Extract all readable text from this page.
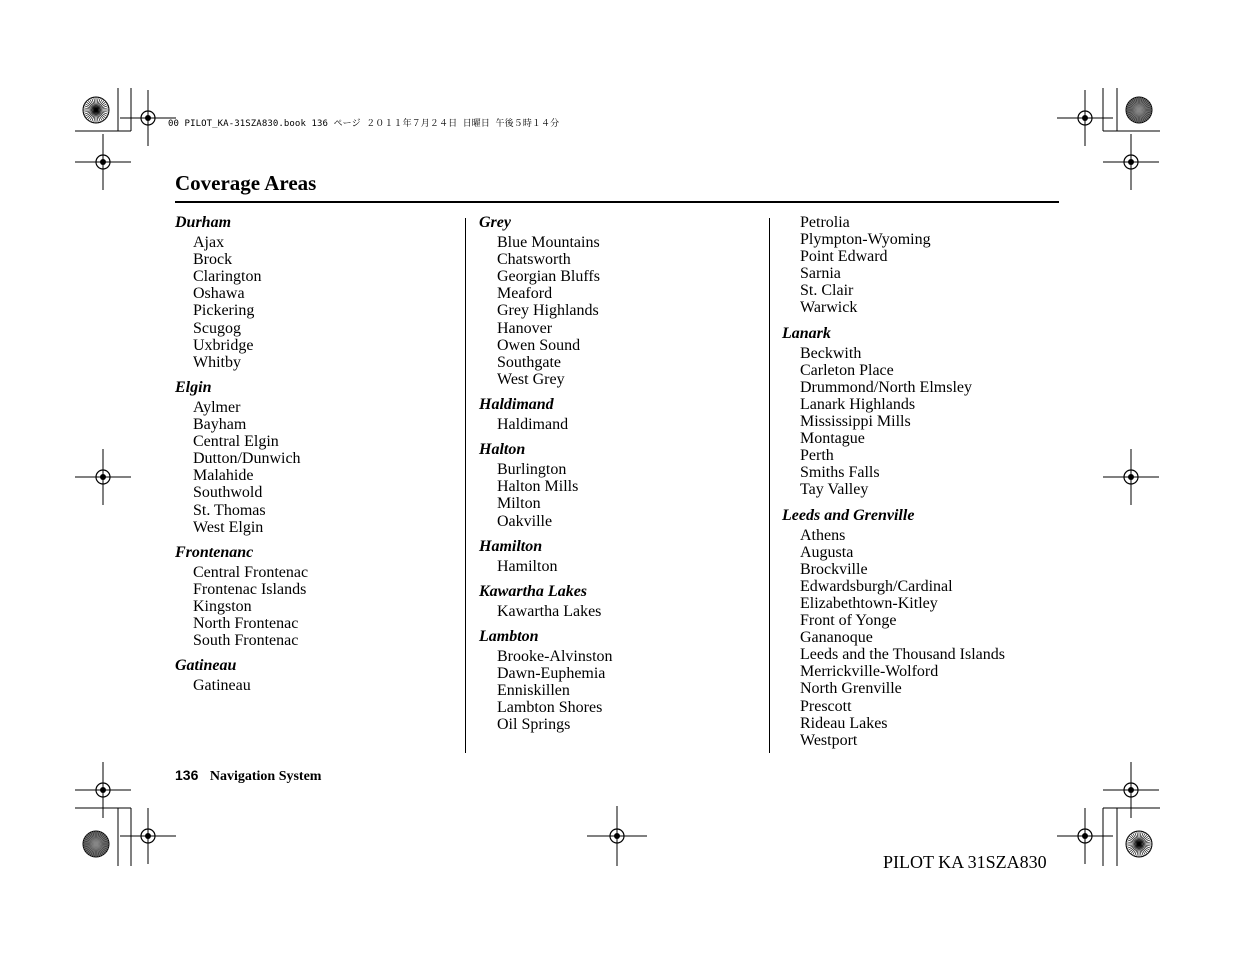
00 PILOT_KA-31SZA830.book 136 ページ ２０１１年７月２４日 日曜日 午後５時１４分
Coverage Areas
Durham
Ajax
Brock
Clarington
Oshawa
Pickering
Scugog
Uxbridge
Whitby
Elgin
Aylmer
Bayham
Central Elgin
Dutton/Dunwich
Malahide
Southwold
St. Thomas
West Elgin
Frontenanc
Central Frontenac
Frontenac Islands
Kingston
North Frontenac
South Frontenac
Gatineau
Gatineau
Grey
Blue Mountains
Chatsworth
Georgian Bluffs
Meaford
Grey Highlands
Hanover
Owen Sound
Southgate
West Grey
Haldimand
Haldimand
Halton
Burlington
Halton Mills
Milton
Oakville
Hamilton
Hamilton
Kawartha Lakes
Kawartha Lakes
Lambton
Brooke-Alvinston
Dawn-Euphemia
Enniskillen
Lambton Shores
Oil Springs
Petrolia
Plympton-Wyoming
Point Edward
Sarnia
St. Clair
Warwick
Lanark
Beckwith
Carleton Place
Drummond/North Elmsley
Lanark Highlands
Mississippi Mills
Montague
Perth
Smiths Falls
Tay Valley
Leeds and Grenville
Athens
Augusta
Brockville
Edwardsburgh/Cardinal
Elizabethtown-Kitley
Front of Yonge
Gananoque
Leeds and the Thousand Islands
Merrickville-Wolford
North Grenville
Prescott
Rideau Lakes
Westport
136 Navigation System
PILOT KA 31SZA830
